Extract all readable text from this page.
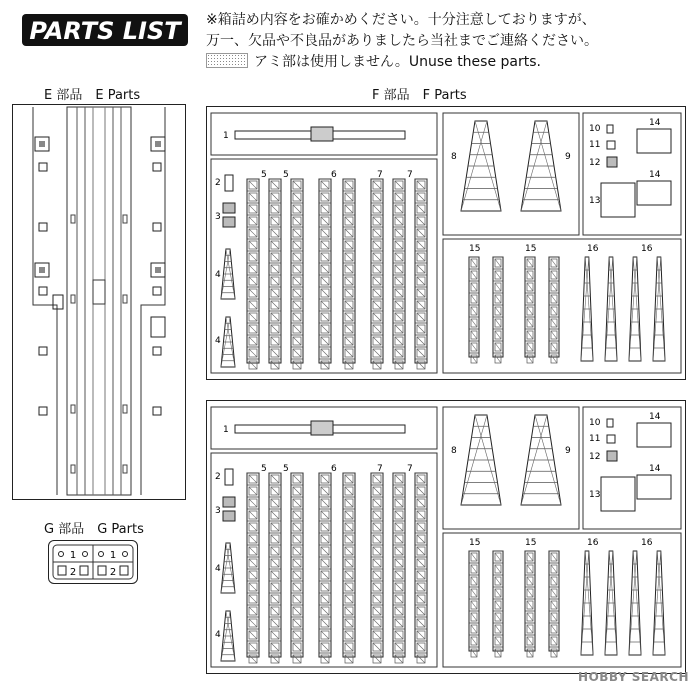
PARTS LIST ※箱詰め内容をお確かめください。十分注意しておりますが、
万一、欠品や不良品がありましたら当社までご連絡ください。
アミ部は使用しません。Unuse these parts.
E 部品　E Parts	F 部品　F Parts
G 部品　G Parts
1	1
2	2
1
2
3
4
4
5 5	6	7	7
8	9
10
11
12
13
14
14
15	15	16	16
1
2
3
4
4
5 5	6	7	7
8	9
10
11
12
13
14
14
15	15	16	16
HOBBY SEARCH
